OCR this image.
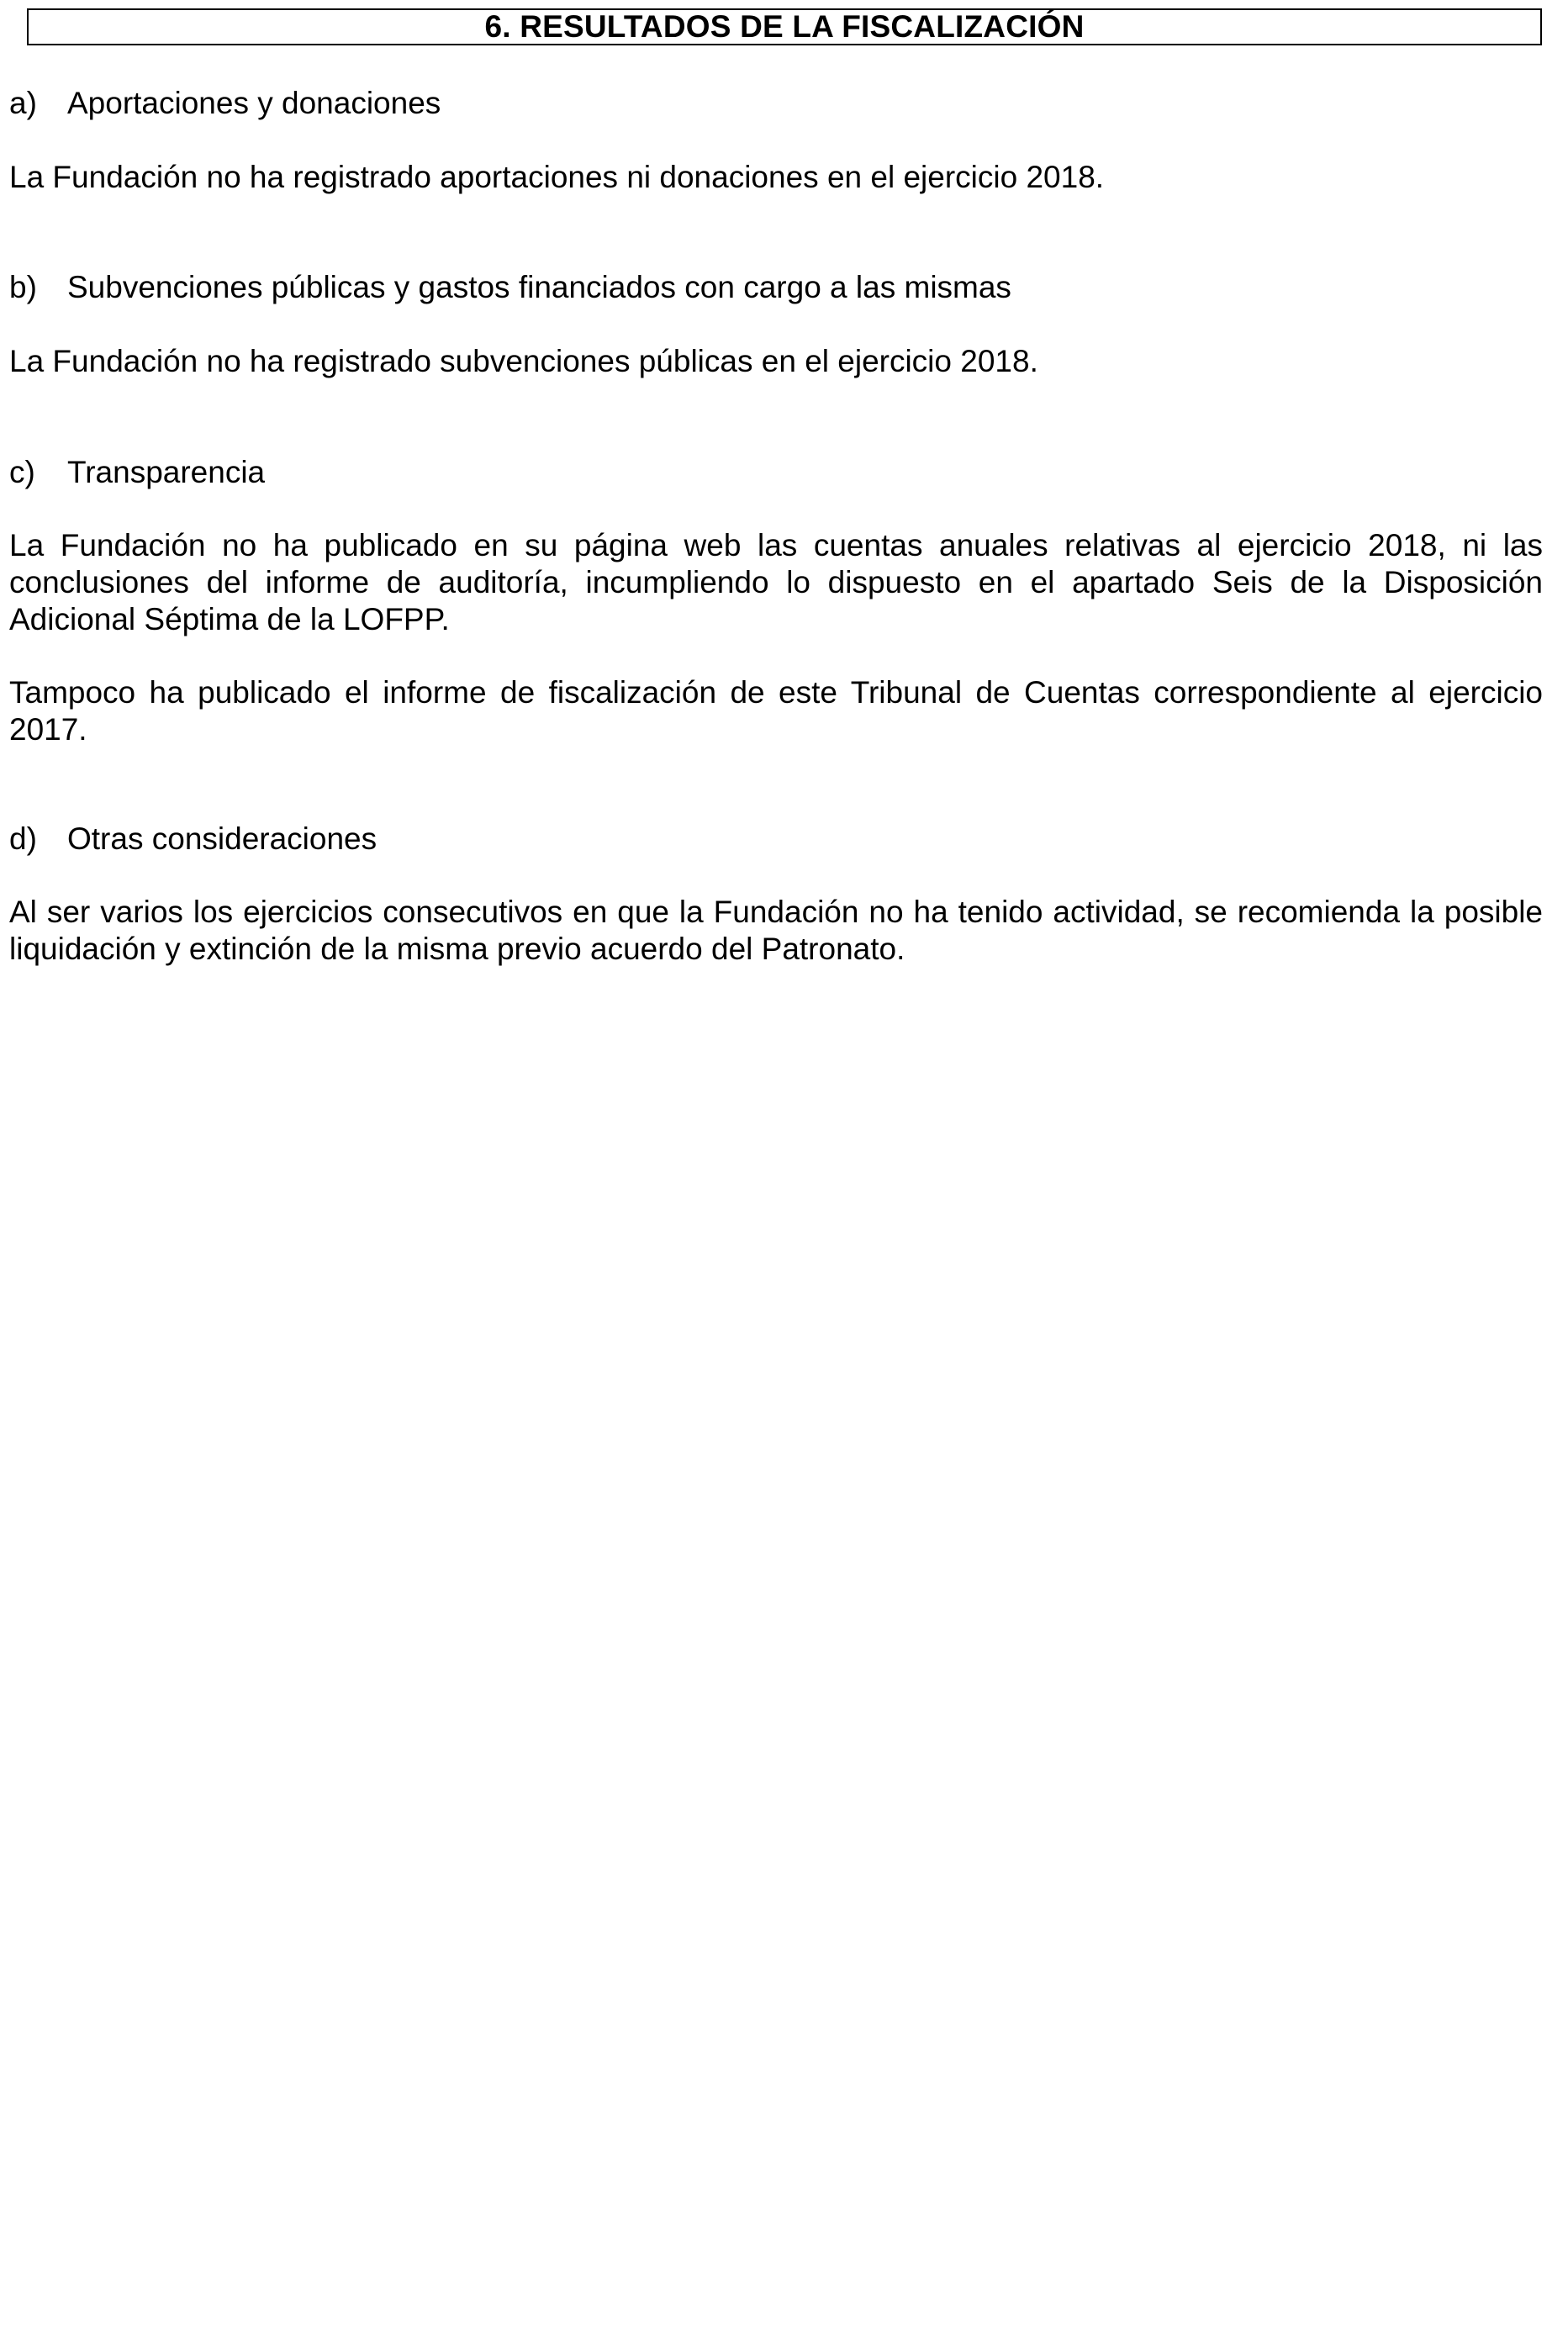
6. RESULTADOS DE LA FISCALIZACIÓN
a) Aportaciones y donaciones

La Fundación no ha registrado aportaciones ni donaciones en el ejercicio 2018.

b) Subvenciones públicas y gastos financiados con cargo a las mismas

La Fundación no ha registrado subvenciones públicas en el ejercicio 2018.

c)	Transparencia

La Fundación no ha publicado en su página web las cuentas anuales relativas al ejercicio 2018, ni las conclusiones del informe de auditoría, incumpliendo lo dispuesto en el apartado Seis de la Disposición Adicional Séptima de la LOFPP.

Tampoco ha publicado el informe de fiscalización de este Tribunal de Cuentas correspondiente al ejercicio 2017.

d) Otras consideraciones

Al ser varios los ejercicios consecutivos en que la Fundación no ha tenido actividad, se recomienda la posible liquidación y extinción de la misma previo acuerdo del Patronato.
